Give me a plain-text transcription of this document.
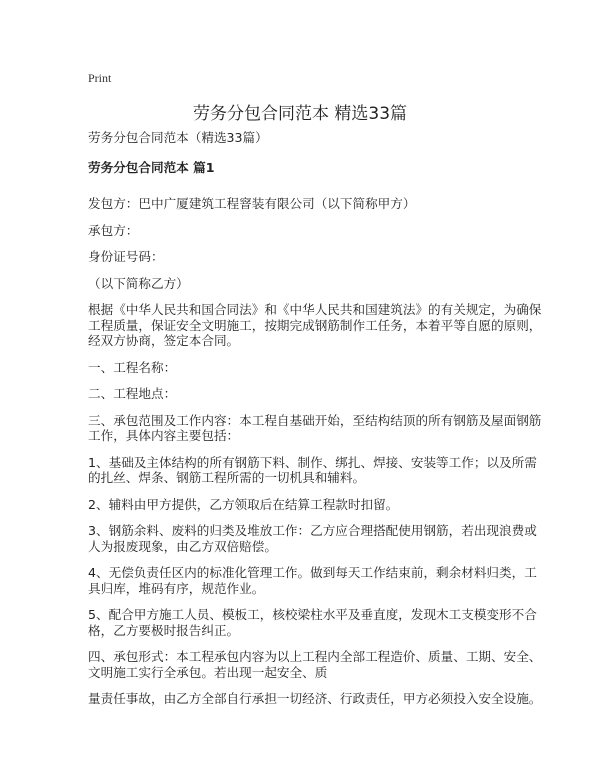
Print
劳务分包合同范本 精选33篇
劳务分包合同范本（精选33篇）
劳务分包合同范本 篇1
发包方：巴中广厦建筑工程窨装有限公司（以下简称甲方）
承包方：
身份证号码：
（以下简称乙方）
根据《中华人民共和国合同法》和《中华人民共和国建筑法》的有关规定，为确保
工程质量，保证安全文明施工，按期完成钢筋制作工任务，本着平等自愿的原则，
经双方协商，签定本合同。
一、工程名称：
二、工程地点：
三、承包范围及工作内容：本工程自基础开始，至结构结顶的所有钢筋及屋面钢筋
工作，具体内容主要包括：
1、基础及主体结构的所有钢筋下料、制作、绑扎、焊接、安装等工作；以及所需
的扎丝、焊条、钢筋工程所需的一切机具和辅料。
2、辅料由甲方提供，乙方领取后在结算工程款时扣留。
3、钢筋余料、废料的归类及堆放工作：乙方应合理搭配使用钢筋，若出现浪费或
人为报废现象，由乙方双倍赔偿。
4、无偿负责任区内的标准化管理工作。做到每天工作结束前，剩余材料归类，工
具归库，堆码有序，规范作业。
5、配合甲方施工人员、模板工，核校梁柱水平及垂直度，发现木工支模变形不合
格，乙方要极时报告纠正。
四、承包形式：本工程承包内容为以上工程内全部工程造价、质量、工期、安全、
文明施工实行全承包。若出现一起安全、质
量责任事故，由乙方全部自行承担一切经济、行政责任，甲方必须投入安全设施。
